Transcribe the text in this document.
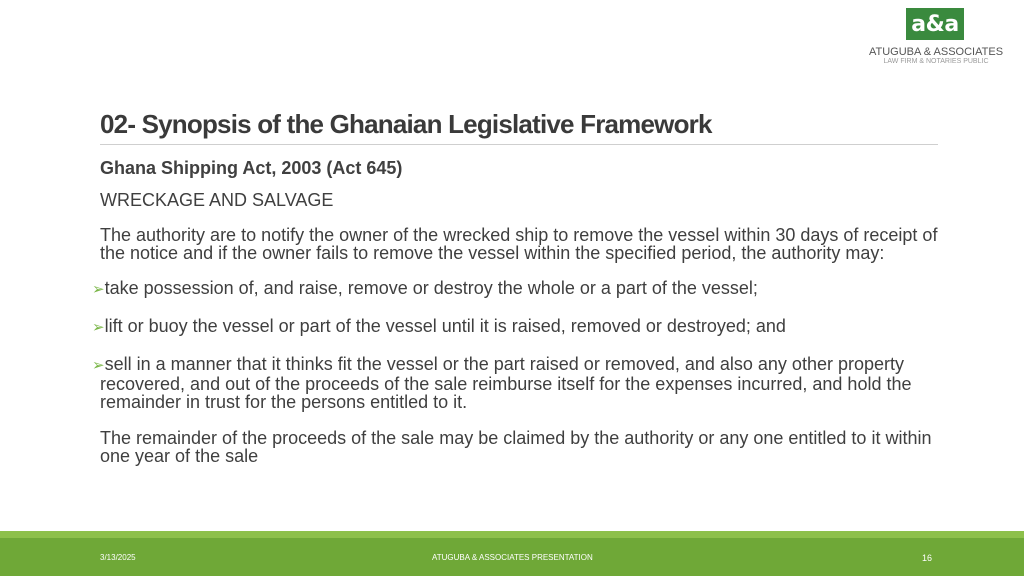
a&a
ATUGUBA & ASSOCIATES
LAW FIRM & NOTARIES PUBLIC
02- Synopsis of the Ghanaian Legislative Framework
Ghana Shipping Act, 2003 (Act 645)

WRECKAGE AND SALVAGE

The authority are to notify the owner of the wrecked ship to remove the vessel within 30 days of receipt of the notice and if the owner fails to remove the vessel within the specified period, the authority may:

➢take possession of, and raise, remove or destroy the whole or a part of the vessel;

➢lift or buoy the vessel or part of the vessel until it is raised, removed or destroyed; and

➢sell in a manner that it thinks fit the vessel or the part raised or removed, and also any other property recovered, and out of the proceeds of the sale reimburse itself for the expenses incurred, and hold the remainder in trust for the persons entitled to it.

The remainder of the proceeds of the sale may be claimed by the authority or any one entitled to it within one year of the sale

3/13/2025	ATUGUBA & ASSOCIATES PRESENTATION	16
